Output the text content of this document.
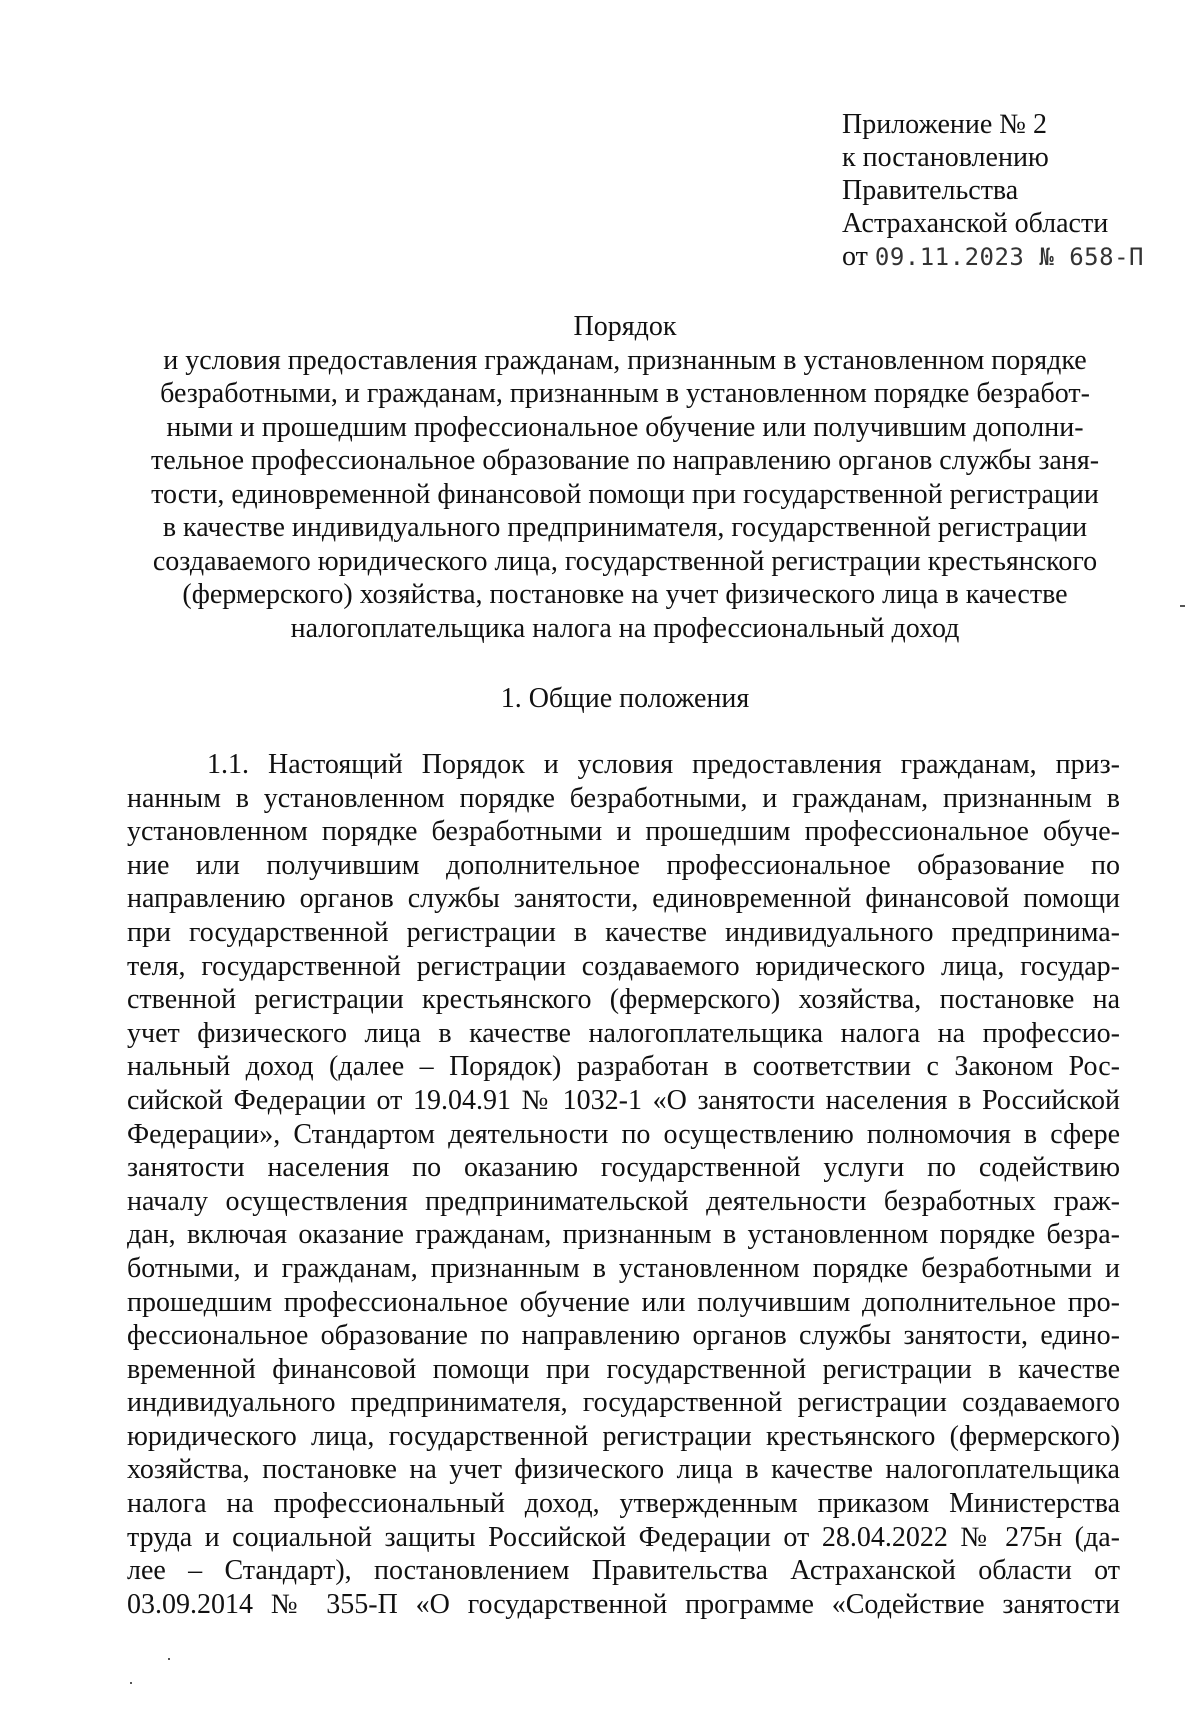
Приложение № 2
к постановлению
Правительства
Астраханской области
от 09.11.2023 № 658-П
Порядок
и условия предоставления гражданам, признанным в установленном порядке
безработными, и гражданам, признанным в установленном порядке безработ-
ными и прошедшим профессиональное обучение или получившим дополни-
тельное профессиональное образование по направлению органов службы заня-
тости, единовременной финансовой помощи при государственной регистрации
в качестве индивидуального предпринимателя, государственной регистрации
создаваемого юридического лица, государственной регистрации крестьянского
(фермерского) хозяйства, постановке на учет физического лица в качестве
налогоплательщика налога на профессиональный доход
1. Общие положения
1.1. Настоящий Порядок и условия предоставления гражданам, приз-
нанным в установленном порядке безработными, и гражданам, признанным в
установленном порядке безработными и прошедшим профессиональное обуче-
ние или получившим дополнительное профессиональное образование по
направлению органов службы занятости, единовременной финансовой помощи
при государственной регистрации в качестве индивидуального предпринима-
теля, государственной регистрации создаваемого юридического лица, государ-
ственной регистрации крестьянского (фермерского) хозяйства, постановке на
учет физического лица в качестве налогоплательщика налога на профессио-
нальный доход (далее – Порядок) разработан в соответствии с Законом Рос-
сийской Федерации от 19.04.91 № 1032-1 «О занятости населения в Российской
Федерации», Стандартом деятельности по осуществлению полномочия в сфере
занятости населения по оказанию государственной услуги по содействию
началу осуществления предпринимательской деятельности безработных граж-
дан, включая оказание гражданам, признанным в установленном порядке безра-
ботными, и гражданам, признанным в установленном порядке безработными и
прошедшим профессиональное обучение или получившим дополнительное про-
фессиональное образование по направлению органов службы занятости, едино-
временной финансовой помощи при государственной регистрации в качестве
индивидуального предпринимателя, государственной регистрации создаваемого
юридического лица, государственной регистрации крестьянского (фермерского)
хозяйства, постановке на учет физического лица в качестве налогоплательщика
налога на профессиональный доход, утвержденным приказом Министерства
труда и социальной защиты Российской Федерации от 28.04.2022 № 275н (да-
лее – Стандарт), постановлением Правительства Астраханской области от
03.09.2014 № 355-П «О государственной программе «Содействие занятости
